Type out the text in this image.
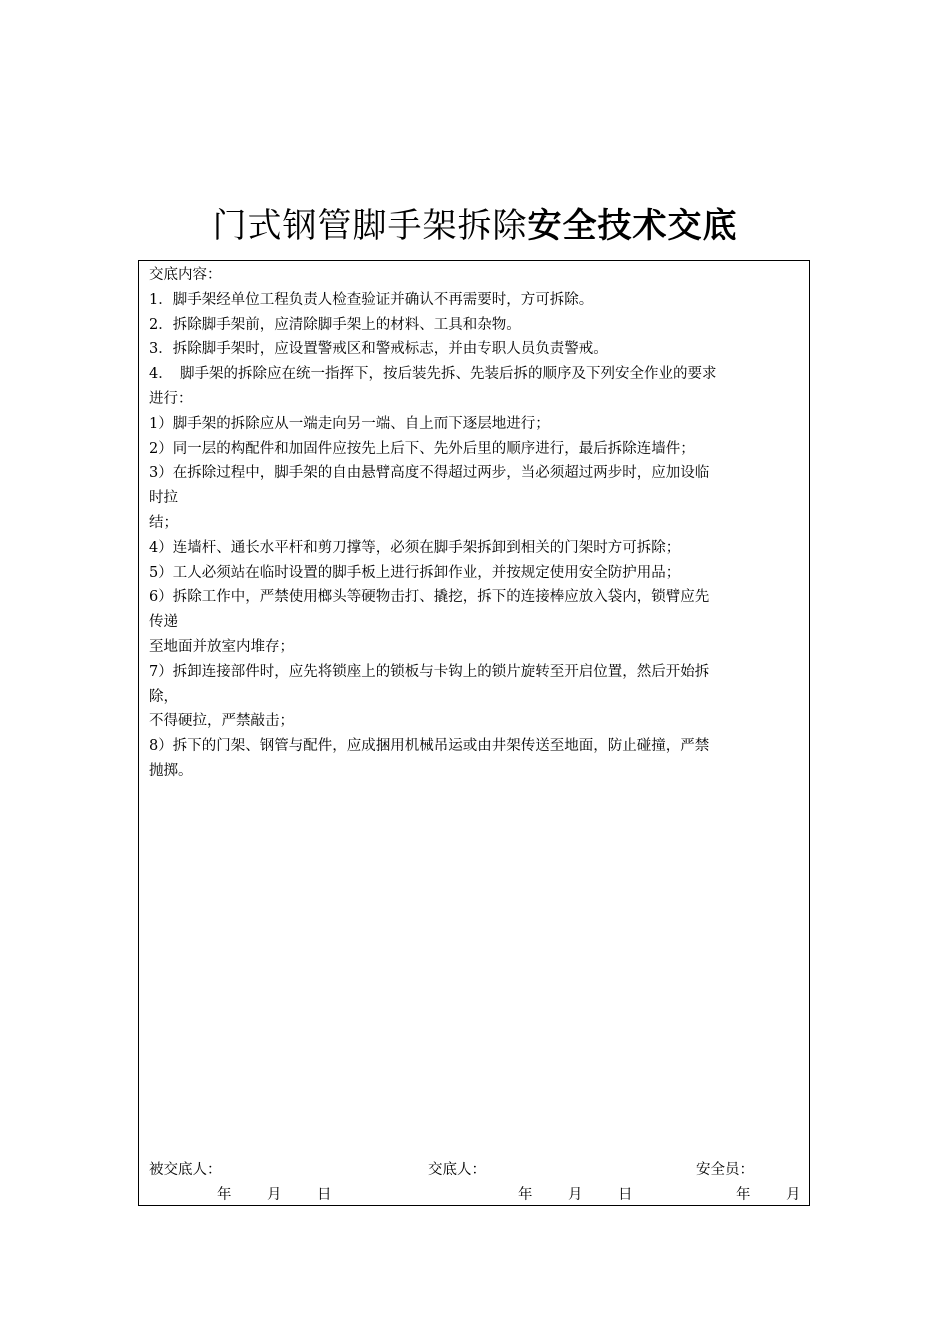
门式钢管脚手架拆除安全技术交底
交底内容：
1．脚手架经单位工程负责人检查验证并确认不再需要时，方可拆除。
2．拆除脚手架前，应清除脚手架上的材料、工具和杂物。
3．拆除脚手架时，应设置警戒区和警戒标志，并由专职人员负责警戒。
4．　脚手架的拆除应在统一指挥下，按后装先拆、先装后拆的顺序及下列安全作业的要求
进行：
1）脚手架的拆除应从一端走向另一端、自上而下逐层地进行；
2）同一层的构配件和加固件应按先上后下、先外后里的顺序进行，最后拆除连墙件；
3）在拆除过程中，脚手架的自由悬臂高度不得超过两步，当必须超过两步时，应加设临
时拉
结；
4）连墙杆、通长水平杆和剪刀撑等，必须在脚手架拆卸到相关的门架时方可拆除；
5）工人必须站在临时设置的脚手板上进行拆卸作业，并按规定使用安全防护用品；
6）拆除工作中，严禁使用榔头等硬物击打、撬挖，拆下的连接棒应放入袋内，锁臂应先
传递
至地面并放室内堆存；
7）拆卸连接部件时，应先将锁座上的锁板与卡钩上的锁片旋转至开启位置，然后开始拆
除，
不得硬拉，严禁敲击；
8）拆下的门架、钢管与配件，应成捆用机械吊运或由井架传送至地面，防止碰撞，严禁
抛掷。
被交底人：	交底人：	安全员：
年 月 日	年 月 日	年 月
